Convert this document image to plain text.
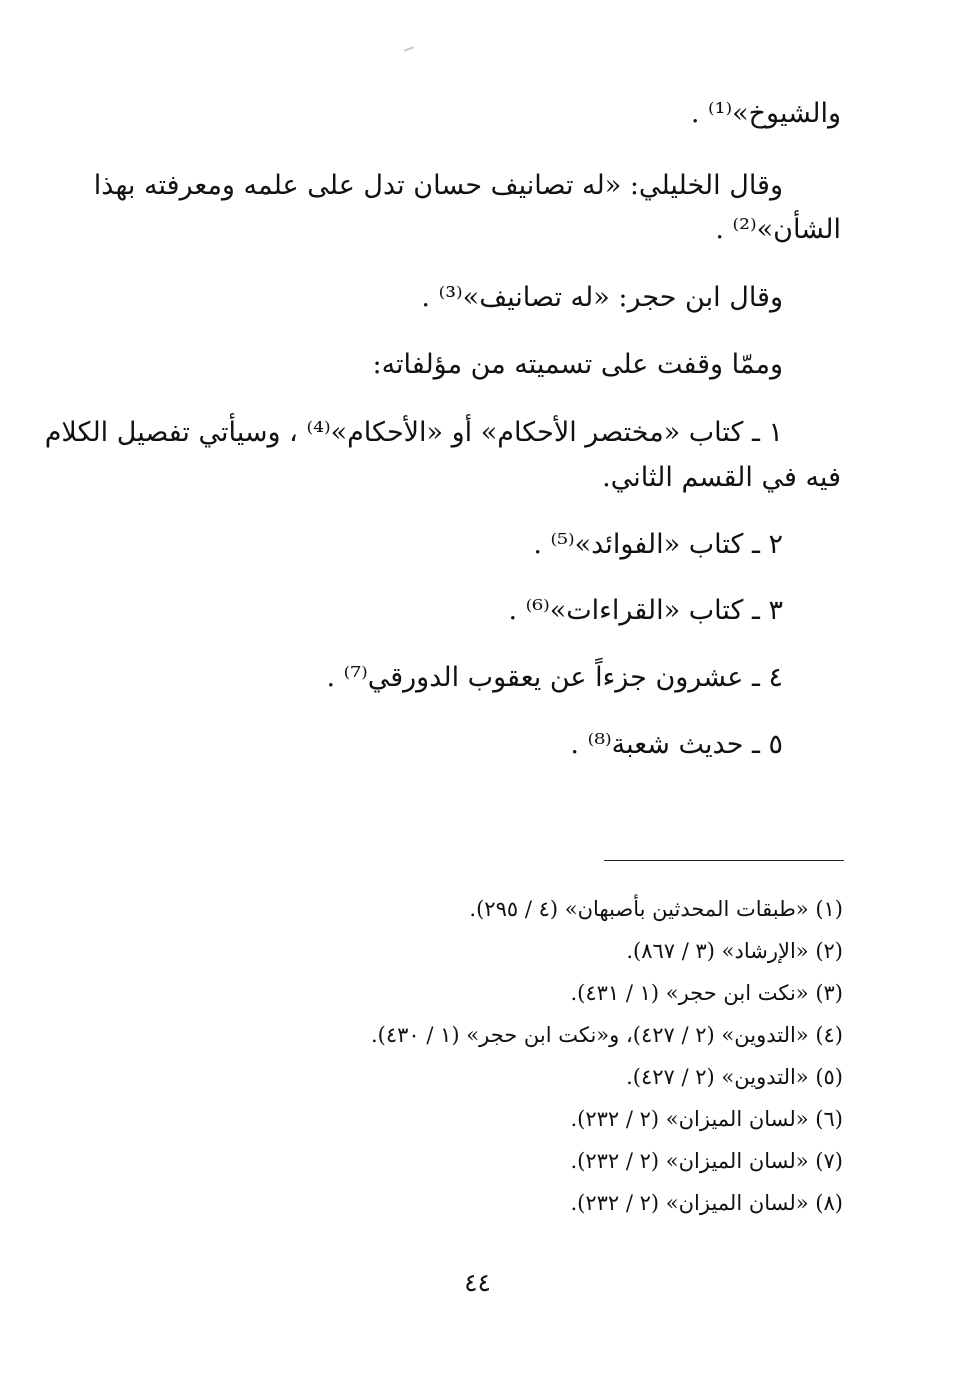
والشيوخ»⁽¹⁾ .
وقال الخليلي: «له تصانيف حسان تدل على علمه ومعرفته بهذا
الشأن»⁽²⁾ .
وقال ابن حجر: «له تصانيف»⁽³⁾ .
وممّا وقفت على تسميته من مؤلفاته:
١ ـ كتاب «مختصر الأحكام» أو «الأحكام»⁽⁴⁾ ، وسيأتي تفصيل الكلام
فيه في القسم الثاني.
٢ ـ كتاب «الفوائد»⁽⁵⁾ .
٣ ـ كتاب «القراءات»⁽⁶⁾ .
٤ ـ عشرون جزءاً عن يعقوب الدورقي⁽⁷⁾ .
٥ ـ حديث شعبة⁽⁸⁾ .
(١) «طبقات المحدثين بأصبهان» (٤ / ٢٩٥).
(٢) «الإرشاد» (٣ / ٨٦٧).
(٣) «نكت ابن حجر» (١ / ٤٣١).
(٤) «التدوين» (٢ / ٤٢٧)، و«نكت ابن حجر» (١ / ٤٣٠).
(٥) «التدوين» (٢ / ٤٢٧).
(٦) «لسان الميزان» (٢ / ٢٣٢).
(٧) «لسان الميزان» (٢ / ٢٣٢).
(٨) «لسان الميزان» (٢ / ٢٣٢).
٤٤
